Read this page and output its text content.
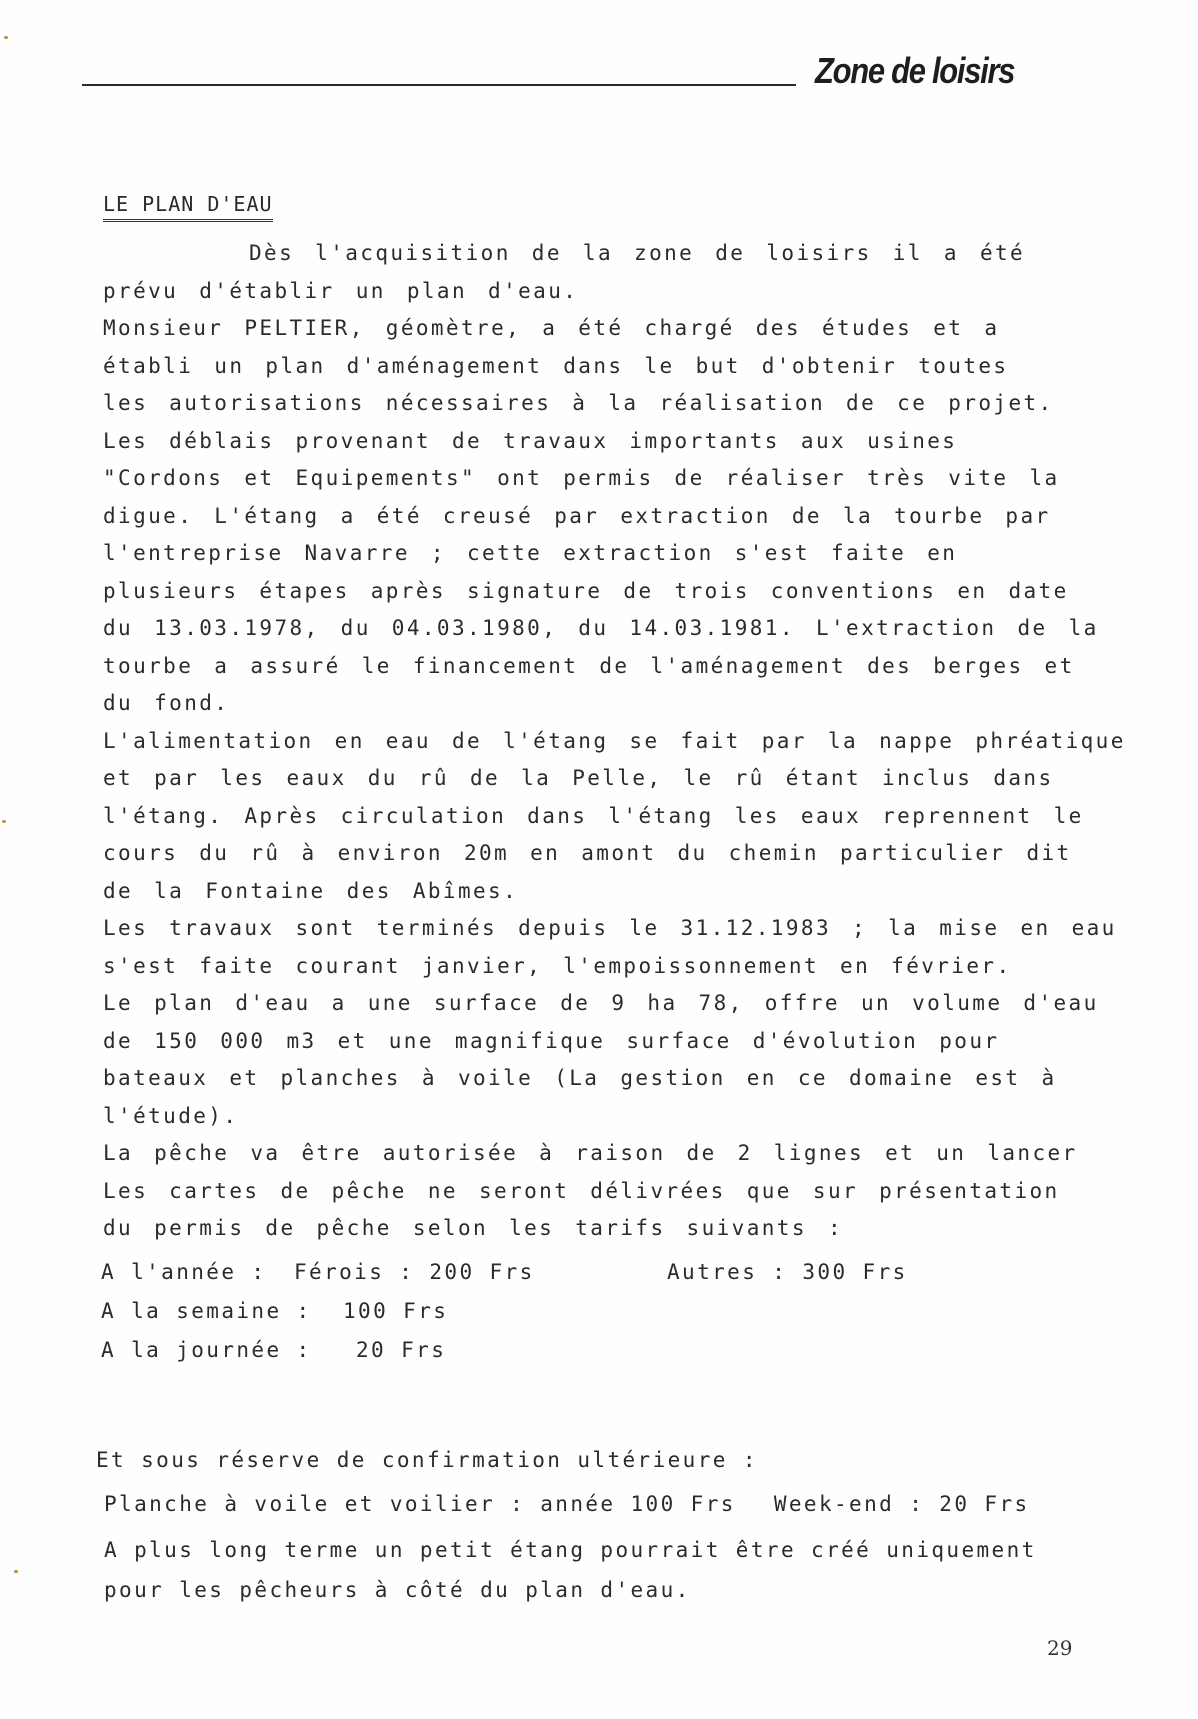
Zone de loisirs
LE PLAN D'EAU
Dès l'acquisition de la zone de loisirs il a été
prévu d'établir un plan d'eau.
Monsieur PELTIER, géomètre, a été chargé des études et a
établi un plan d'aménagement dans le but d'obtenir toutes
les autorisations nécessaires à la réalisation de ce projet.
Les déblais provenant de travaux importants aux usines
"Cordons et Equipements" ont permis de réaliser très vite la
digue. L'étang a été creusé par extraction de la tourbe par
l'entreprise Navarre ; cette extraction s'est faite en
plusieurs étapes après signature de trois conventions en date
du 13.03.1978, du 04.03.1980, du 14.03.1981. L'extraction de la
tourbe a assuré le financement de l'aménagement des berges et
du fond.
L'alimentation en eau de l'étang se fait par la nappe phréatique
et par les eaux du rû de la Pelle, le rû étant inclus dans
l'étang. Après circulation dans l'étang les eaux reprennent le
cours du rû à environ 20m en amont du chemin particulier dit
de la Fontaine des Abîmes.
Les travaux sont terminés depuis le 31.12.1983 ; la mise en eau
s'est faite courant janvier, l'empoissonnement en février.
Le plan d'eau a une surface de 9 ha 78, offre un volume d'eau
de 150 000 m3 et une magnifique surface d'évolution pour
bateaux et planches à voile (La gestion en ce domaine est à
l'étude).
La pêche va être autorisée à raison de 2 lignes et un lancer
Les cartes de pêche ne seront délivrées que sur présentation
du permis de pêche selon les tarifs suivants :
A l'année : Férois : 200 Frs	Autres : 300 Frs
A la semaine : 100 Frs
A la journée : 20 Frs
Et sous réserve de confirmation ultérieure :
Planche à voile et voilier : année 100 Frs Week-end : 20 Frs
A plus long terme un petit étang pourrait être créé uniquement
pour les pêcheurs à côté du plan d'eau.
29
